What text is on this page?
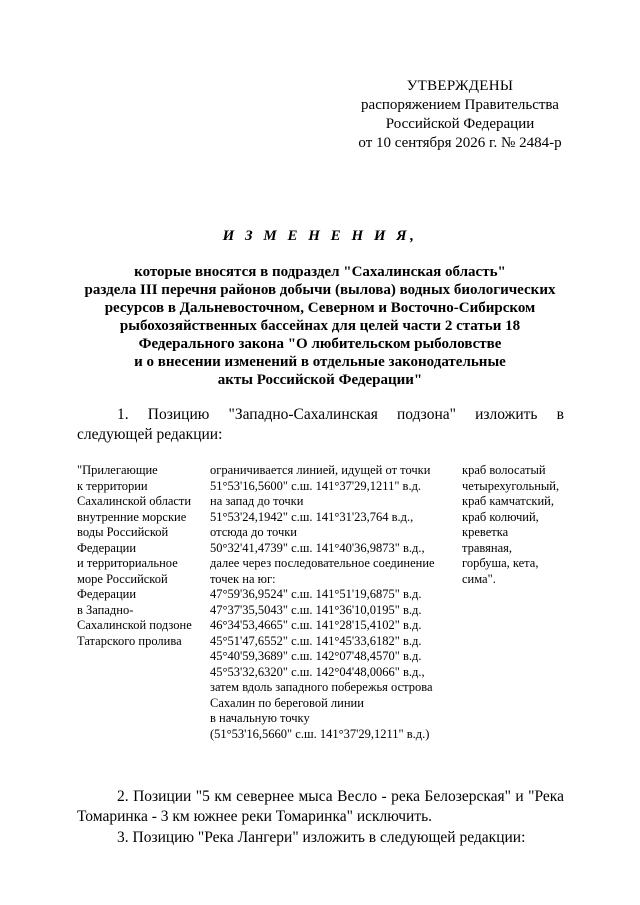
УТВЕРЖДЕНЫ
распоряжением Правительства
Российской Федерации
от 10 сентября 2026 г. № 2484-р
И З М Е Н Е Н И Я,
которые вносятся в подраздел "Сахалинская область"
раздела III перечня районов добычи (вылова) водных биологических
ресурсов в Дальневосточном, Северном и Восточно-Сибирском
рыбохозяйственных бассейнах для целей части 2 статьи 18
Федерального закона "О любительском рыболовстве
и о внесении изменений в отдельные законодательные
акты Российской Федерации"
1. Позицию "Западно-Сахалинская подзона" изложить в следующей редакции:
"Прилегающие
к территории
Сахалинской области
внутренние морские
воды Российской
Федерации
и территориальное
море Российской
Федерации
в Западно-
Сахалинской подзоне
Татарского пролива
ограничивается линией, идущей от точки
51°53'16,5600" с.ш. 141°37'29,1211" в.д.
на запад до точки
51°53'24,1942" с.ш. 141°31'23,764 в.д.,
отсюда до точки
50°32'41,4739" с.ш. 141°40'36,9873" в.д.,
далее через последовательное соединение
точек на юг:
47°59'36,9524" с.ш. 141°51'19,6875" в.д.
47°37'35,5043" с.ш. 141°36'10,0195" в.д.
46°34'53,4665" с.ш. 141°28'15,4102" в.д.
45°51'47,6552" с.ш. 141°45'33,6182" в.д.
45°40'59,3689" с.ш. 142°07'48,4570" в.д.
45°53'32,6320" с.ш. 142°04'48,0066" в.д.,
затем вдоль западного побережья острова
Сахалин по береговой линии
в начальную точку
(51°53'16,5660" с.ш. 141°37'29,1211" в.д.)
краб волосатый
четырехугольный,
краб камчатский,
краб колючий,
креветка
травяная,
горбуша, кета,
сима".
2. Позиции "5 км севернее мыса Весло - река Белозерская" и "Река Томаринка - 3 км южнее реки Томаринка" исключить.
3. Позицию "Река Лангери" изложить в следующей редакции:
